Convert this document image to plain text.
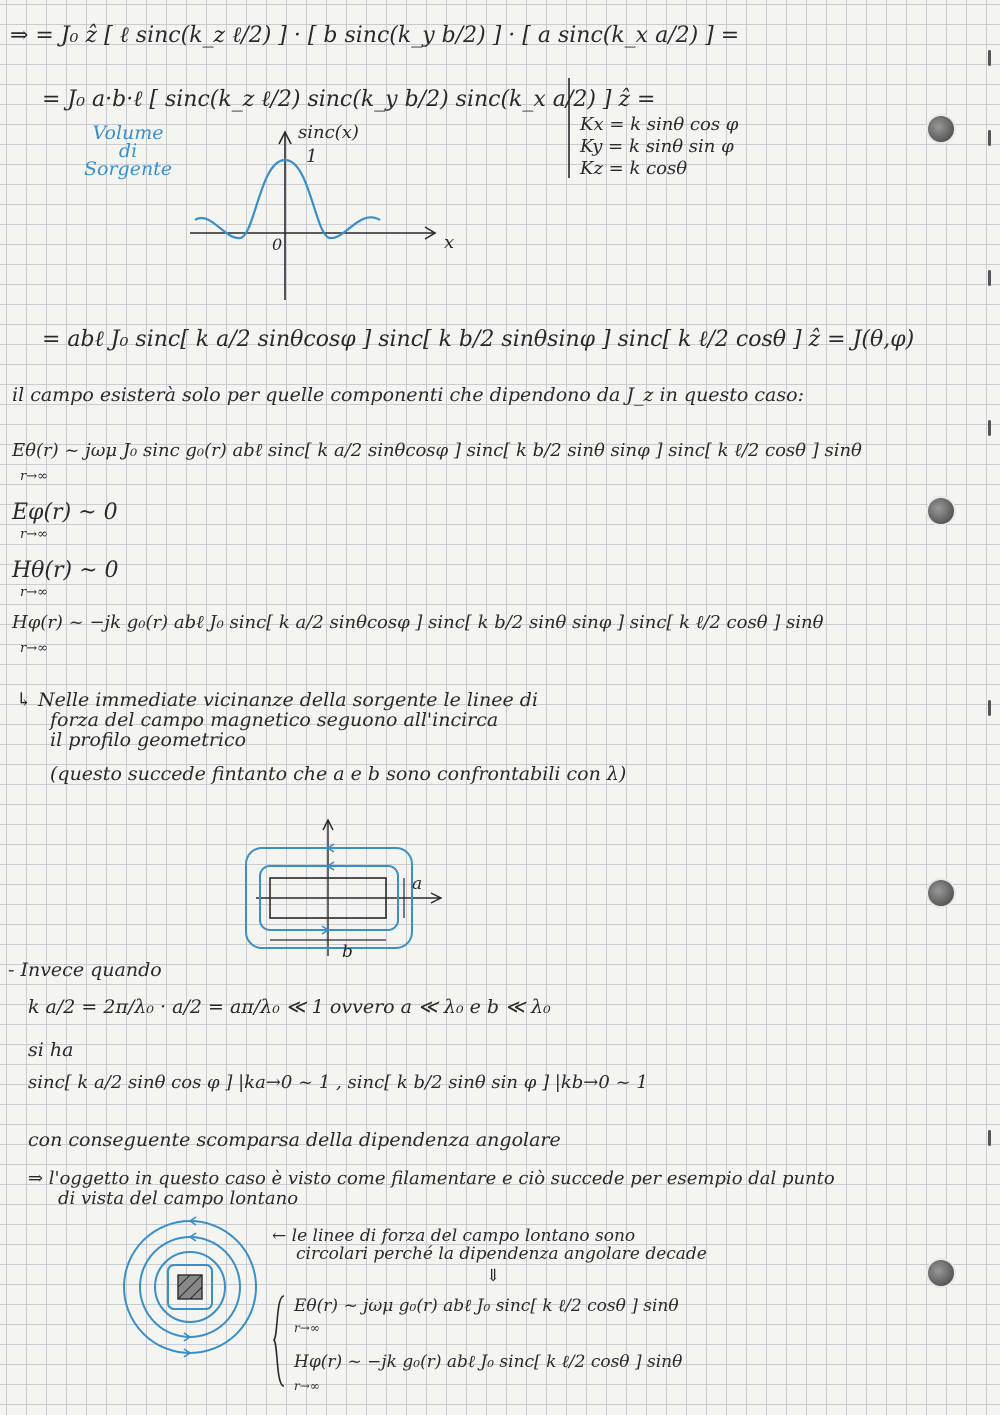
⇒ = J₀ ẑ [ ℓ sinc(k_z ℓ/2) ] · [ b sinc(k_y b/2) ] · [ a sinc(k_x a/2) ] =
= J₀ a·b·ℓ [ sinc(k_z ℓ/2) sinc(k_y b/2) sinc(k_x a/2) ] ẑ =
Volume
di
Sorgente
Kx = k sinθ cos φ
Ky = k sinθ sin φ
Kz = k cosθ
sinc(x)
1
x
0
= abℓ J₀ sinc[ k a/2 sinθcosφ ] sinc[ k b/2 sinθsinφ ] sinc[ k ℓ/2 cosθ ] ẑ = J(θ,φ)
il campo esisterà solo per quelle componenti che dipendono da J_z in questo caso:
Eθ(r) ~ jωμ J₀ sinc g₀(r) abℓ sinc[ k a/2 sinθcosφ ] sinc[ k b/2 sinθ sinφ ] sinc[ k ℓ/2 cosθ ] sinθ
r→∞
Eφ(r) ~ 0
r→∞
Hθ(r) ~ 0
r→∞
Hφ(r) ~ −jk g₀(r) abℓ J₀ sinc[ k a/2 sinθcosφ ] sinc[ k b/2 sinθ sinφ ] sinc[ k ℓ/2 cosθ ] sinθ
r→∞
↳ Nelle immediate vicinanze della sorgente le linee di
forza del campo magnetico seguono all'incirca
il profilo geometrico
(questo succede fintanto che a e b sono confrontabili con λ)
a
b
- Invece quando
k a/2 = 2π/λ₀ · a/2 = aπ/λ₀ ≪ 1 ovvero a ≪ λ₀ e b ≪ λ₀
si ha
sinc[ k a/2 sinθ cos φ ] |ka→0 ~ 1 , sinc[ k b/2 sinθ sin φ ] |kb→0 ~ 1
con conseguente scomparsa della dipendenza angolare
⇒ l'oggetto in questo caso è visto come filamentare e ciò succede per esempio dal punto
di vista del campo lontano
← le linee di forza del campo lontano sono
circolari perché la dipendenza angolare decade
⇓
Eθ(r) ~ jωμ g₀(r) abℓ J₀ sinc[ k ℓ/2 cosθ ] sinθ
r→∞
Hφ(r) ~ −jk g₀(r) abℓ J₀ sinc[ k ℓ/2 cosθ ] sinθ
r→∞
